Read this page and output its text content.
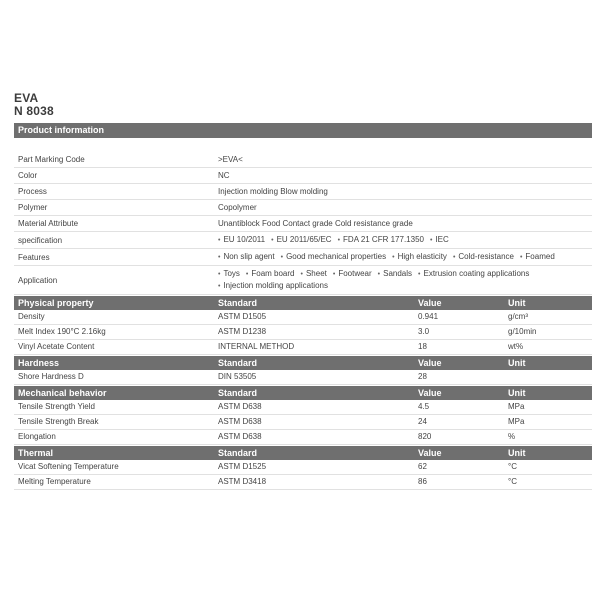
EVA
N 8038
Product information
Part Marking Code	>EVA<
Color	NC
Process	Injection molding Blow molding
Polymer	Copolymer
Material Attribute	Unantiblock Food Contact grade Cold resistance grade
specification	• EU 10/2011	• EU 2011/65/EC	• FDA 21 CFR 177.1350	• IEC
Features	• Non slip agent	• Good mechanical properties	• High elasticity	• Cold-resistance	• Foamed
Application
• Toys	• Foam board	• Sheet	• Footwear	• Sandals	• Extrusion coating applications
• Injection molding applications
Physical property	Standard	Value	Unit
Density	ASTM D1505	0.941	g/cm³
Melt Index 190°C 2.16kg	ASTM D1238	3.0	g/10min
Vinyl Acetate Content	INTERNAL METHOD	18	wt%
Hardness	Standard	Value	Unit
Shore Hardness D	DIN 53505	28
Mechanical behavior	Standard	Value	Unit
Tensile Strength Yield	ASTM D638	4.5	MPa
Tensile Strength Break	ASTM D638	24	MPa
Elongation	ASTM D638	820	%
Thermal	Standard	Value	Unit
Vicat Softening Temperature	ASTM D1525	62	°C
Melting Temperature	ASTM D3418	86	°C
